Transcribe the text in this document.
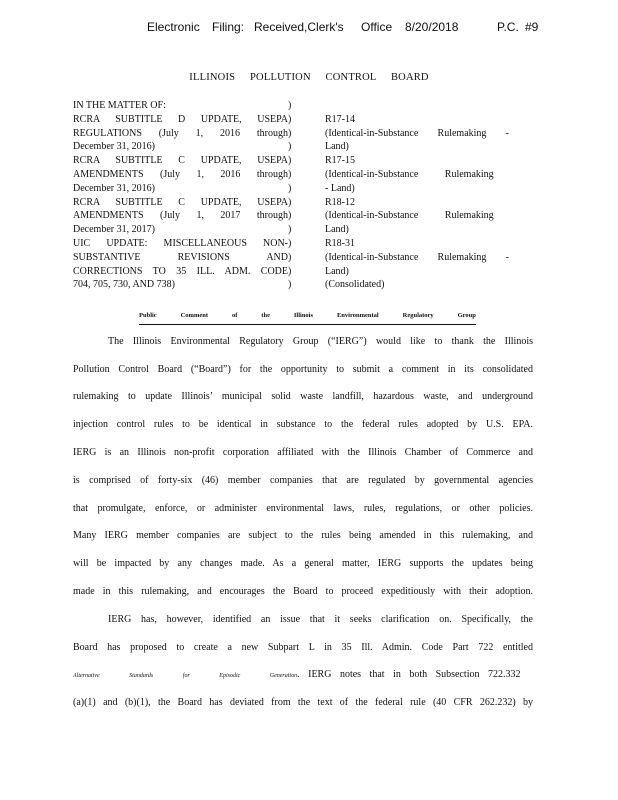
Electronic Filing: Received,Clerk's Office 8/20/2018	P.C. #9
ILLINOIS POLLUTION CONTROL BOARD
IN THE MATTER OF:	)
RCRA SUBTITLE D UPDATE, USEPA )	R17-14
REGULATIONS (July 1, 2016 through )	(Identical-in-Substance Rulemaking -
December 31, 2016)	)	Land)
RCRA SUBTITLE C UPDATE, USEPA )	R17-15
AMENDMENTS (July 1, 2016 through )	(Identical-in-Substance Rulemaking
December 31, 2016)	)	- Land)
RCRA SUBTITLE C UPDATE, USEPA )	R18-12
AMENDMENTS (July 1, 2017 through )	(Identical-in-Substance Rulemaking
December 31, 2017)	)	Land)
UIC UPDATE: MISCELLANEOUS NON- )	R18-31
SUBSTANTIVE REVISIONS AND )	(Identical-in-Substance Rulemaking -
CORRECTIONS TO 35 ILL. ADM. CODE )	Land)
704, 705, 730, AND 738)	)	(Consolidated)
Public	Comment	of	the	Illinois	Environmental	Regulatory	Group
The Illinois Environmental Regulatory Group (“IERG”) would like to thank the Illinois
Pollution Control Board (“Board”) for the opportunity to submit a comment in its consolidated
rulemaking to update Illinois’ municipal solid waste landfill, hazardous waste, and underground
injection control rules to be identical in substance to the federal rules adopted by U.S. EPA.
IERG is an Illinois non-profit corporation affiliated with the Illinois Chamber of Commerce and
is comprised of forty-six (46) member companies that are regulated by governmental agencies
that promulgate, enforce, or administer environmental laws, rules, regulations, or other policies.
Many IERG member companies are subject to the rules being amended in this rulemaking, and
will be impacted by any changes made. As a general matter, IERG supports the updates being
made in this rulemaking, and encourages the Board to proceed expeditiously with their adoption.
IERG has, however, identified an issue that it seeks clarification on. Specifically, the
Board has proposed to create a new Subpart L in 35 Ill. Admin. Code Part 722 entitled
Alternative Standards for Episodic Generation. IERG notes that in both Subsection 722.332
(a)(1) and (b)(1), the Board has deviated from the text of the federal rule (40 CFR 262.232) by
